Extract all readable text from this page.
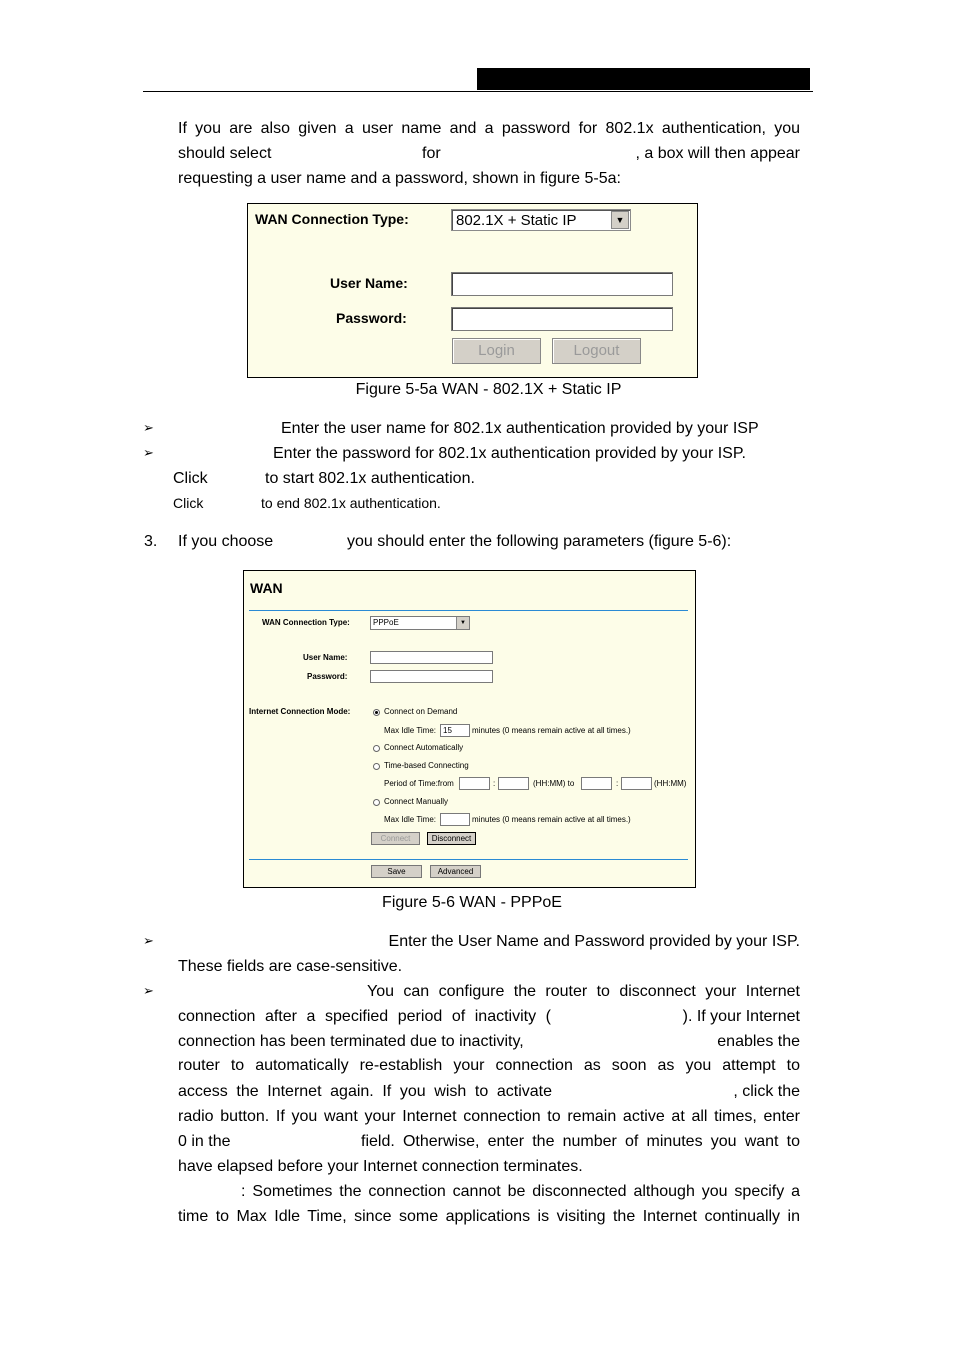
If you are also given a user name and a password for 802.1x authentication, you
should select	for	, a box will then appear
requesting a user name and a password, shown in figure 5-5a:
WAN Connection Type:	802.1X + Static IP	▼
User Name:
Password:
Login	Logout
Figure 5-5a WAN - 802.1X + Static IP
➢	Enter the user name for 802.1x authentication provided by your ISP
➢	Enter the password for 802.1x authentication provided by your ISP.
Click	to start 802.1x authentication.
Click	to end 802.1x authentication.
3. If you choose	you should enter the following parameters (figure 5-6):
WAN
WAN Connection Type:	PPPoE	▼
User Name:
Password:
Internet Connection Mode:	Connect on Demand
Max Idle Time: 15	minutes (0 means remain active at all times.)
Connect Automatically
Time-based Connecting
Period of Time:from	:	(HH:MM) to	:	(HH:MM)
Connect Manually
Max Idle Time:	minutes (0 means remain active at all times.)
Connect	Disconnect
Save	Advanced
Figure 5-6 WAN - PPPoE
➢	Enter the User Name and Password provided by your ISP.
These fields are case-sensitive.
➢	You can configure the router to disconnect your Internet
connection after a specified period of inactivity (	). If your Internet
connection has been terminated due to inactivity,	enables the
router to automatically re-establish your connection as soon as you attempt to
access the Internet again. If you wish to activate	, click the
radio button. If you want your Internet connection to remain active at all times, enter
0 in the	field. Otherwise, enter the number of minutes you want to
have elapsed before your Internet connection terminates.
: Sometimes the connection cannot be disconnected although you specify a
time to Max Idle Time, since some applications is visiting the Internet continually in
